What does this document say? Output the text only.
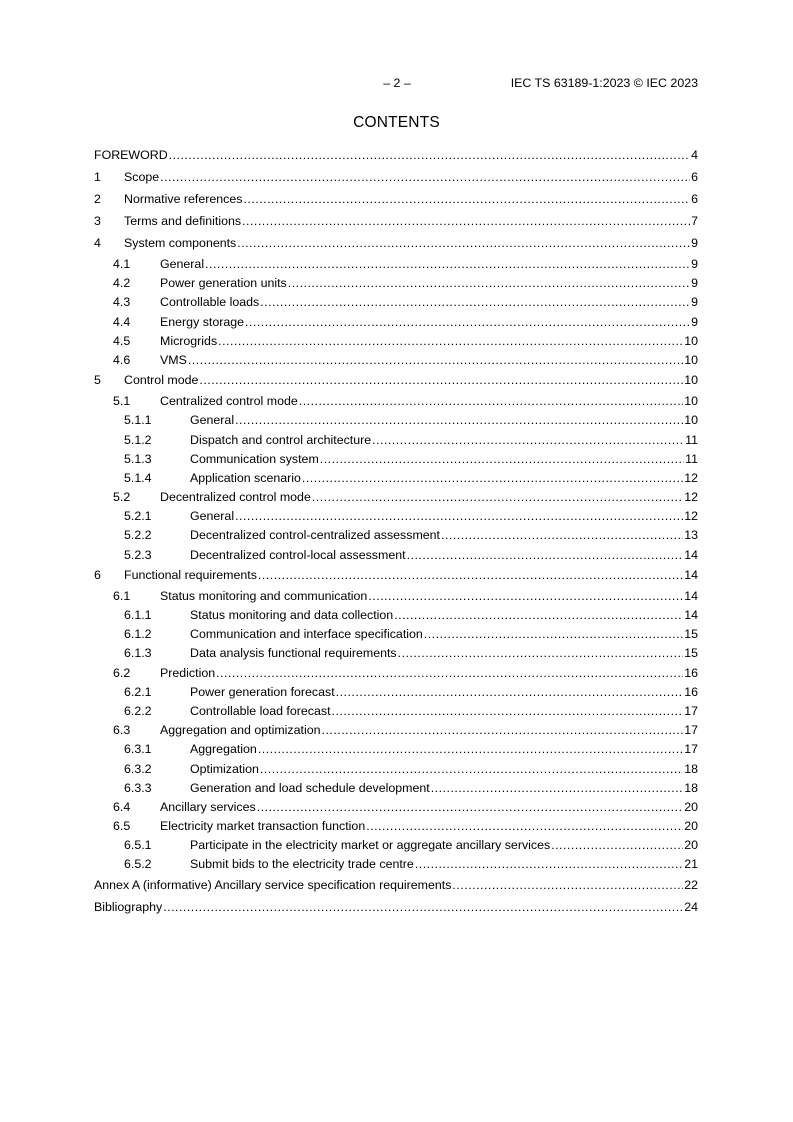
– 2 –	IEC TS 63189-1:2023 © IEC 2023
CONTENTS
FOREWORD .....	4
1	Scope .....	6
2	Normative references .....	6
3	Terms and definitions .....	7
4	System components .....	9
4.1	General .....	9
4.2	Power generation units .....	9
4.3	Controllable loads .....	9
4.4	Energy storage .....	9
4.5	Microgrids .....	10
4.6	VMS .....	10
5	Control mode .....	10
5.1	Centralized control mode .....	10
5.1.1	General .....	10
5.1.2	Dispatch and control architecture .....	11
5.1.3	Communication system .....	11
5.1.4	Application scenario .....	12
5.2	Decentralized control mode .....	12
5.2.1	General .....	12
5.2.2	Decentralized control-centralized assessment .....	13
5.2.3	Decentralized control-local assessment .....	14
6	Functional requirements .....	14
6.1	Status monitoring and communication .....	14
6.1.1	Status monitoring and data collection .....	14
6.1.2	Communication and interface specification .....	15
6.1.3	Data analysis functional requirements .....	15
6.2	Prediction .....	16
6.2.1	Power generation forecast .....	16
6.2.2	Controllable load forecast .....	17
6.3	Aggregation and optimization .....	17
6.3.1	Aggregation .....	17
6.3.2	Optimization .....	18
6.3.3	Generation and load schedule development .....	18
6.4	Ancillary services .....	20
6.5	Electricity market transaction function .....	20
6.5.1	Participate in the electricity market or aggregate ancillary services .....	20
6.5.2	Submit bids to the electricity trade centre .....	21
Annex A (informative) Ancillary service specification requirements .....	22
Bibliography .....	24
